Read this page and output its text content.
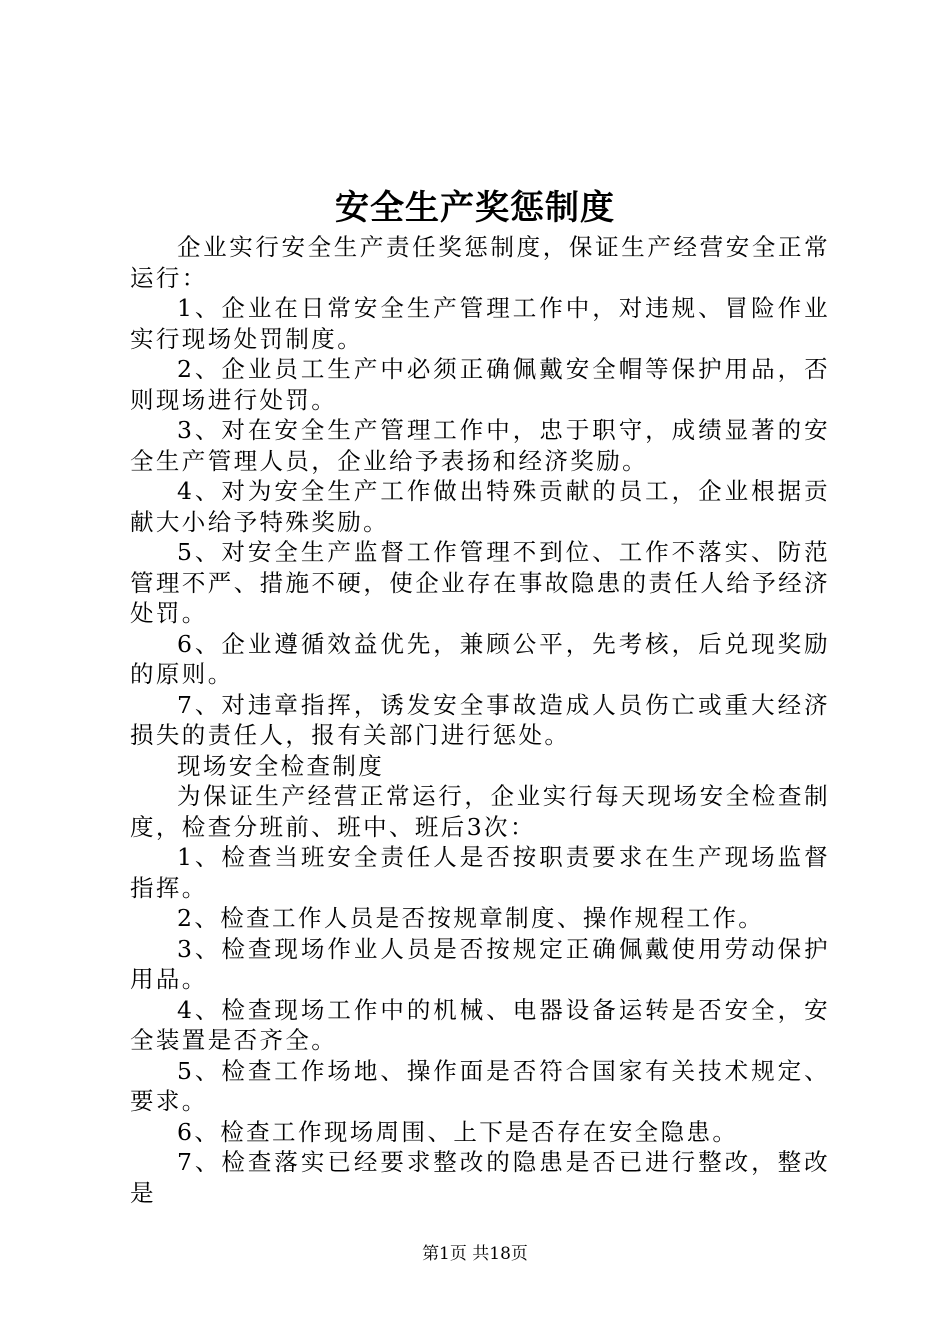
安全生产奖惩制度

企业实行安全生产责任奖惩制度，保证生产经营安全正常运行：

1、企业在日常安全生产管理工作中，对违规、冒险作业实行现场处罚制度。

2、企业员工生产中必须正确佩戴安全帽等保护用品，否则现场进行处罚。

3、对在安全生产管理工作中，忠于职守，成绩显著的安全生产管理人员，企业给予表扬和经济奖励。

4、对为安全生产工作做出特殊贡献的员工，企业根据贡献大小给予特殊奖励。

5、对安全生产监督工作管理不到位、工作不落实、防范管理不严、措施不硬，使企业存在事故隐患的责任人给予经济处罚。

6、企业遵循效益优先，兼顾公平，先考核，后兑现奖励的原则。

7、对违章指挥，诱发安全事故造成人员伤亡或重大经济损失的责任人，报有关部门进行惩处。

现场安全检查制度

为保证生产经营正常运行，企业实行每天现场安全检查制度，检查分班前、班中、班后3次：

1、检查当班安全责任人是否按职责要求在生产现场监督指挥。

2、检查工作人员是否按规章制度、操作规程工作。

3、检查现场作业人员是否按规定正确佩戴使用劳动保护用品。

4、检查现场工作中的机械、电器设备运转是否安全，安全装置是否齐全。

5、检查工作场地、操作面是否符合国家有关技术规定、要求。

6、检查工作现场周围、上下是否存在安全隐患。

7、检查落实已经要求整改的隐患是否已进行整改，整改是

第1页 共18页
